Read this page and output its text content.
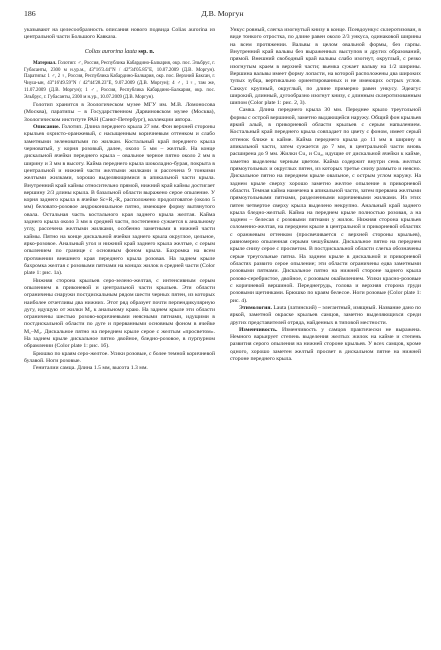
186	Д.В. Моргун

указывают на целесообразность описания нового подвида Colias aurorina из центральной части Большого Кавказа.

Colias aurorina lauta ssp. n.

Материал. Голотип: ♂, Россия, Республика Кабардино-Балкария, окр. пос. Эльбрус, г. Губасанты, 2300 м н.ур.м., 43°16'3.44"N / 42°34'05.85"E, 10.07.2009 (Д.В. Моргун). Паратипы: 1 ♂, 2 ♀, Россия, Республика Кабардино-Балкария, окр. пос. Верхний Баксан, г. Чиуш-ын, 43°16'49.59"N / 42°44'28.23"E, 9.07.2009 (Д.В. Моргун); 4 ♂, 1♀, там же, 11.07.2009 (Д.В. Моргун); 1 ♂, Россия, Республика Кабардино-Балкария, окр. пос. Эльбрус, г. Губасанты, 2300 м н.ур., 10.07.2009 (Д.В. Моргун).

Голотип хранится в Зоологическом музее МГУ им. М.В. Ломоносова (Москва), паратипы – в Государственном Дарвиновском музее (Москва), Зоологическом институте РАН (Санкт-Петербург), коллекции автора.

Описание. Голотип. Длина переднего крыла 27 мм. Фон верхней стороны крыльев охристо-оранжевый, с насыщенным коричневым оттенком и слабо заметными зеленоватыми по жилкам. Костальный край переднего крыла черноватый, у корня розовый, далее, около 5 мм – желтый. На конце дискальной ячейки переднего крыла – овальное черное пятно около 2 мм в ширину и 3 мм в высоту. Кайма переднего крыла шоколадно-бурая, покрыта в центральной и нижней части желтыми жилками и рассечена 9 тонкими желтыми жилками, хорошо выделяющимися в апикальной части крыла. Внутренний край каймы относительно прямой, нижний край каймы достигает вершину 2/3 длины крыла. В базальной области выражено серое опыление. У корня заднего крыла в ячейке Sc+R₁-R₂ расположено продолговатое (около 5 мм) беловато-розовое андрокониальное пятно, имеющее форму вытянутого овала. Остальная часть костального края заднего крыла желтая. Кайма заднего крыла около 3 мм в средней части, постепенно сужается к анальному углу, рассечена желтыми жилками, особенно заметными в нижней части каймы. Пятно на конце дискальной ячейки заднего крыла округлое, цельное, ярко-розовое. Анальный угол и нижний край заднего крыла желтые, с серым опылением по границе с основным фоном крыла. Бахромка на всем протяжении внешнего края переднего крыла розовая. На заднем крыле бахромка желтая с розовыми пятнами на концах жилок в средней части (Color plate 1: рис. 1а).

Нижняя сторона крыльев серо-зелено-желтая, с интенсивным серым опылением в приконевой и центральной части крыльев. Эти области ограничены снаружи постдискальным рядом шести черных пятен, из которых наиболее отчетливы два нижних. Этот ряд образует почти перпендикулярную дугу, идущую от жилки M₂ к анальному краю. На заднем крыле эти области ограничены шестью розово-коричневыми неясными пятнами, идущими в постдискальной области по дуге и прерванными основным фоном в ячейке M₁–M₂. Дискальное пятно на переднем крыле серое с желтым «просветом». На заднем крыле дискальное пятно двойное, бледно-розовое, в пурпурном обрамлении (Color plate 1: рис. 1б).

Брюшко по краям серо-желтое. Усики розовые, с более темной коричневой булавой. Ноги розовые.

Гениталии самца. Длина 1.5 мм, высота 1.3 мм.

Ункус ровный, слегка изогнутый книзу в конце. Псевдоункус склеротизован, в виде тонкого отростка, по длине равен около 2/3 ункуса, одинаковой ширины на всем протяжении. Вальвы в целом овальной формы, без гарпы. Внутренний край вальвы без выраженных выступов и других образований, прямой. Внешний свободный край вальвы слабо изогнут, округлый, с резко изогнутым краем в верхней части; вьемка сужает вальву на 1/2 ширины. Вершина вальвы имеет форму лопасти, на которой расположены два широких тупых зубца, вертикально ориентированных и не имеющих острых углов. Саккус крупный, округлый, по длине примерно равен ункусу. Эдеагус широкий, длинный, дугообразно изогнут книзу, с длинным склеротизованным шипом (Color plate 1: рис. 2, 3).

Самка. Длина переднего крыла 30 мм. Переднее крыло треугольной формы с острой вершиной, заметно выдающейся наружу. Общий фон крыльев яркий алый, в прикорневой области крыльев с серым напылением. Костальный край переднего крыла совпадает по цвету с фоном, имеет серый оттенок ближе к кайме. Кайма переднего крыла до 11 мм в ширину в апикальной части, затем сужается до 7 мм, в центральной части вновь расширена до 9 мм. Жилки Cu₁ и Cu₂, идущие от дискальной ячейки к кайме, заметно выделены черным цветом. Кайма содержит внутри семь желтых прямоугольных и округлых пятен, из которых третье снизу размыто и неясно. Дискальное пятно на переднем крыле овальное, с острым углом наружу. На заднем крыле сверху хорошо заметно желтое опыление в прикорневой области. Темная кайма намечена в апикальной части, затем прервана желтыми прямоугольными пятнами, разделенными коричневыми жилками. Из этих пятен четвертое сверху крыла выделено некрупно. Анальный край заднего крыла бледно-желтый. Кайма на переднем крыле полностью розовая, а на заднем – белесая с розовыми пятнами у жилок. Нижняя сторона крыльев соломенно-желтая, на переднем крыле в центральной и прикорневой областях с оранжевым оттенком (просвечивается с верхней стороны крыльев), равномерно опыленная серыми чешуйками. Дискальное пятно на переднем крыле снизу серое с просветом. В постдискальной области слегка обозначены серые треугольные пятна. На заднем крыле в дискальной и прикорневой областях развито серое опыление; эти области ограничены едва заметными розовыми пятнами. Дискальное пятно на нижней стороне заднего крыла розово-серебристое, двойное, с розовым окаймлением. Усики красно-розовые с коричневой вершиной. Переднегрудь, голова и верхняя сторона груди розовыми щетинками. Брюшко по краям белесое. Ноги розовые (Color plate 1: рис. 4).

Этимология. Lauta (латинский) – элегантный, изящный. Название дано по яркой, заметной окраске крыльев самцов, заметно выделяющихся среди других представителей отряда, найденных в типовой местности.

Изменчивость. Изменчивость у самцов практически не выражена. Немного варьирует степень выделения желтых жилок на кайме и степень развития серого опыления на нижней стороне крыльев. У всех самцов, кроме одного, хорошо заметен желтый просвет в дискальном пятне на нижней стороне переднего крыла.
